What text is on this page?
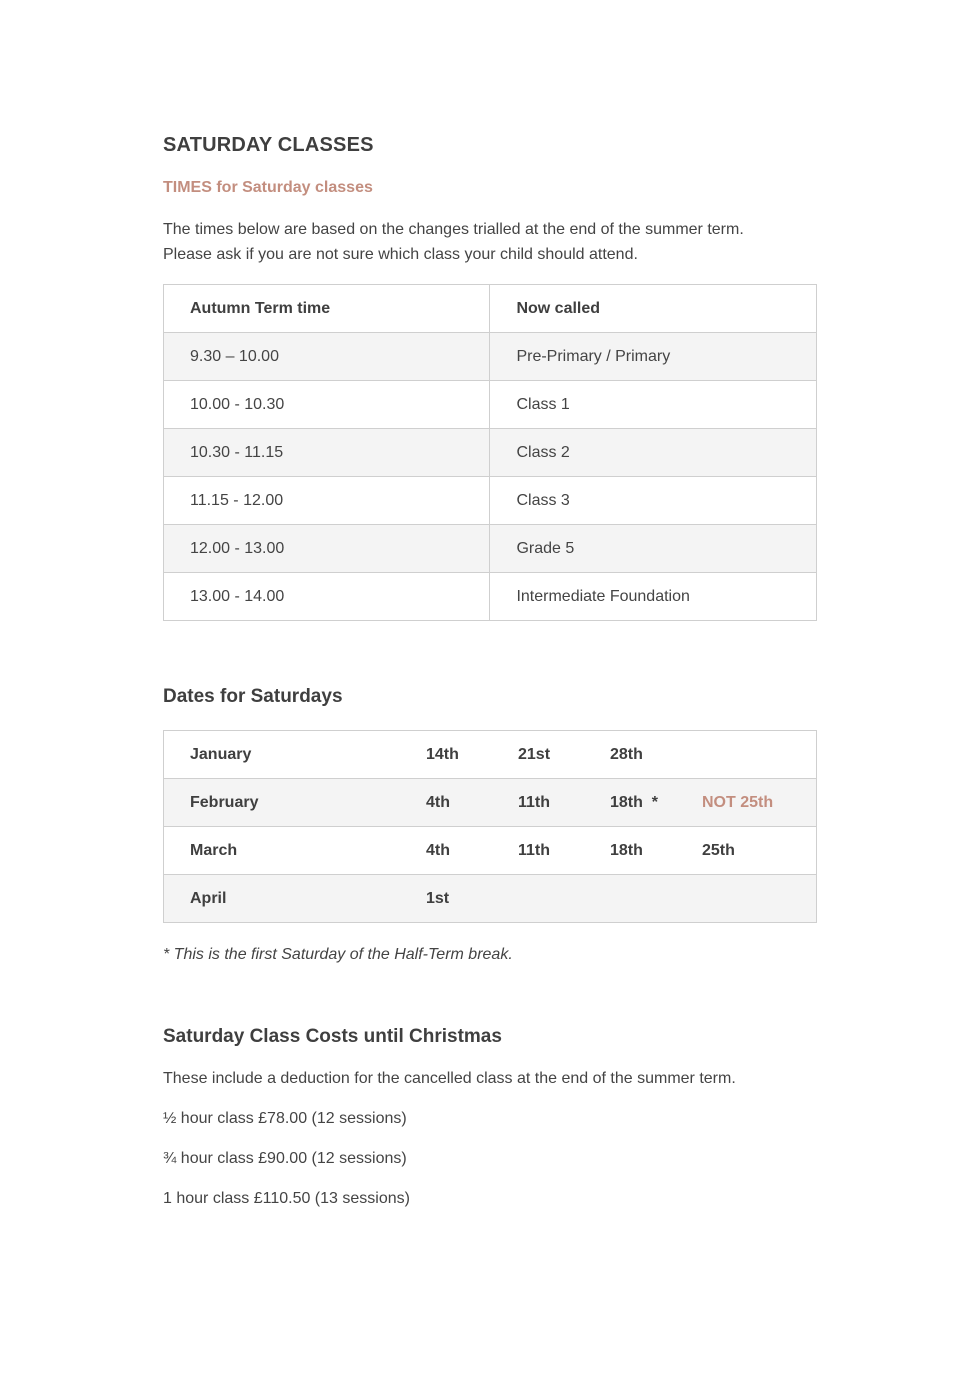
SATURDAY CLASSES

TIMES for Saturday classes

The times below are based on the changes trialled at the end of the summer term.
Please ask if you are not sure which class your child should attend.

Autumn Term time	Now called
9.30 – 10.00	Pre-Primary / Primary
10.00 - 10.30	Class 1
10.30 - 11.15	Class 2
11.15 - 12.00	Class 3
12.00 - 13.00	Grade 5
13.00 - 14.00	Intermediate Foundation
Dates for Saturdays
January	14th	21st	28th	
February	4th	11th	18th  *	NOT 25th
March	4th	11th	18th	25th
April	1st			

* This is the first Saturday of the Half-Term break.

Saturday Class Costs until Christmas

These include a deduction for the cancelled class at the end of the summer term.

½ hour class £78.00 (12 sessions)

¾ hour class £90.00 (12 sessions)

1 hour class £110.50 (13 sessions)
